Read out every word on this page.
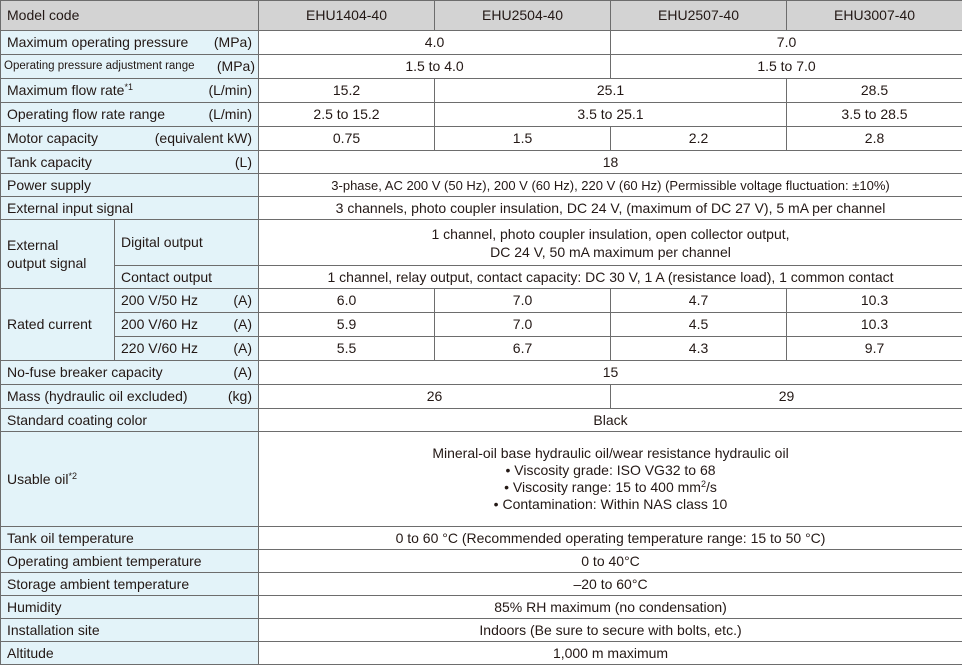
Model code		EHU1404-40	EHU2504-40	EHU2507-40	EHU3007-40

Maximum operating pressure (MPa)		4.0		7.0	

Operating pressure adjustment range (MPa)		1.5 to 4.0		1.5 to 7.0	

Maximum flow rate$^{*1}$ (L/min)		15.2	25.1		28.5

Operating flow rate range (L/min)		2.5 to 15.2	3.5 to 25.1		3.5 to 28.5

Motor capacity (equivalent kW)		0.75	1.5	2.2	2.8

Tank capacity (L)		18			
Power supply		3-phase, AC 200 V (50 Hz), 200 V (60 Hz), 220 V (60 Hz) (Permissible voltage fluctuation: ±10%)			
External input signal		3 channels, photo coupler insulation, DC 24 V, (maximum of DC 27 V), 5 mA per channel			
External
output signal	Digital output	1 channel, photo coupler insulation, open collector output,
DC 24 V, 50 mA maximum per channel			
	Contact output	1 channel, relay output, contact capacity: DC 30 V, 1 A (resistance load), 1 common contact			
Rated current	200 V/50 Hz (A)	6.0	7.0	4.7	10.3

	200 V/60 Hz (A)	5.9	7.0	4.5	10.3

	220 V/60 Hz (A)	5.5	6.7	4.3	9.7

No-fuse breaker capacity (A)		15			

Mass (hydraulic oil excluded) (kg)		26		29	
Standard coating color		Black			
Usable oil$^{*2}$		Mineral-oil base hydraulic oil/wear resistance hydraulic oil
• Viscosity grade: ISO VG32 to 68
• Viscosity range: 15 to 400 $mm^2/s$
• Contamination: Within NAS class 10			
Tank oil temperature		0 to 60 °C (Recommended operating temperature range: 15 to 50 °C)			
Operating ambient temperature		0 to 40°C			
Storage ambient temperature		–20 to 60°C			
Humidity		85% RH maximum (no condensation)			
Installation site		Indoors (Be sure to secure with bolts, etc.)			
Altitude		1,000 m maximum			
